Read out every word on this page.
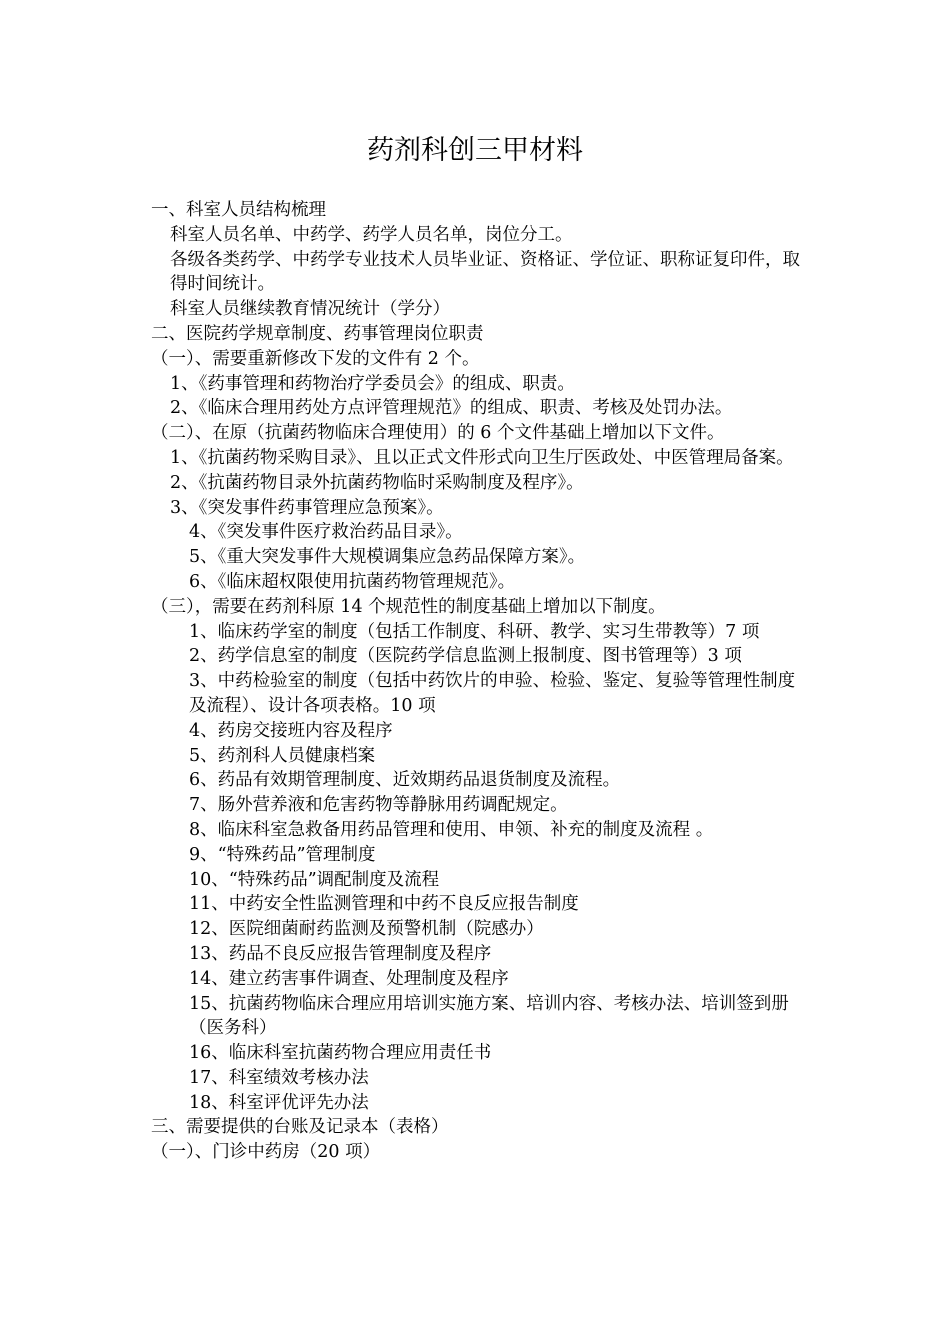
药剂科创三甲材料
一、科室人员结构梳理
科室人员名单、中药学、药学人员名单，岗位分工。
各级各类药学、中药学专业技术人员毕业证、资格证、学位证、职称证复印件，取得时间统计。
科室人员继续教育情况统计（学分）
二、医院药学规章制度、药事管理岗位职责
（一）、需要重新修改下发的文件有 2 个。
1、《药事管理和药物治疗学委员会》的组成、职责。
2、《临床合理用药处方点评管理规范》的组成、职责、考核及处罚办法。
（二）、在原（抗菌药物临床合理使用）的 6 个文件基础上增加以下文件。
1、《抗菌药物采购目录》、且以正式文件形式向卫生厅医政处、中医管理局备案。
2、《抗菌药物目录外抗菌药物临时采购制度及程序》。
3、《突发事件药事管理应急预案》。
4、《突发事件医疗救治药品目录》。
5、《重大突发事件大规模调集应急药品保障方案》。
6、《临床超权限使用抗菌药物管理规范》。
（三），需要在药剂科原 14 个规范性的制度基础上增加以下制度。
1、临床药学室的制度（包括工作制度、科研、教学、实习生带教等）7 项
2、药学信息室的制度（医院药学信息监测上报制度、图书管理等）3 项
3、中药检验室的制度（包括中药饮片的申验、检验、鉴定、复验等管理性制度及流程）、设计各项表格。10 项
4、药房交接班内容及程序
5、药剂科人员健康档案
6、药品有效期管理制度、近效期药品退货制度及流程。
7、肠外营养液和危害药物等静脉用药调配规定。
8、临床科室急救备用药品管理和使用、申领、补充的制度及流程 。
9、“特殊药品”管理制度
10、“特殊药品”调配制度及流程
11、中药安全性监测管理和中药不良反应报告制度
12、医院细菌耐药监测及预警机制（院感办）
13、药品不良反应报告管理制度及程序
14、建立药害事件调查、处理制度及程序
15、抗菌药物临床合理应用培训实施方案、培训内容、考核办法、培训签到册 （医务科）
16、临床科室抗菌药物合理应用责任书
17、科室绩效考核办法
18、科室评优评先办法
三、需要提供的台账及记录本（表格）
（一）、门诊中药房（20 项）
